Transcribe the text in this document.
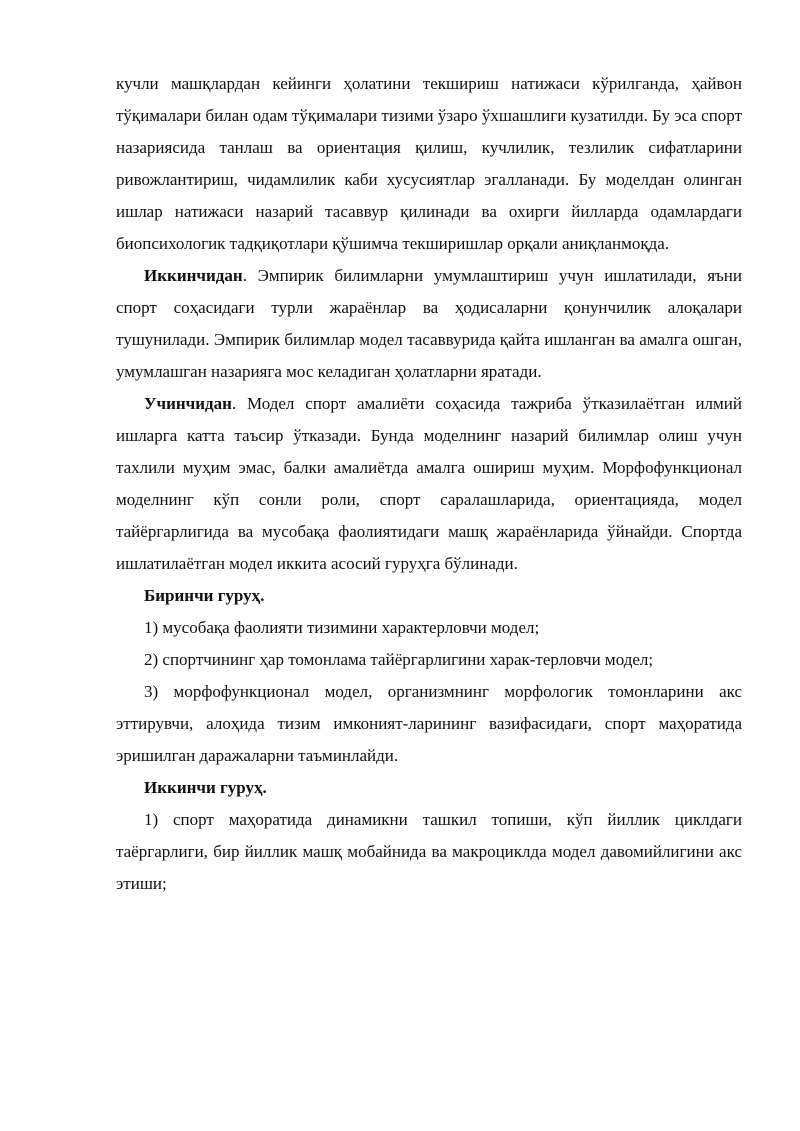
кучли машқлардан кейинги ҳолатини текшириш натижаси кўрилганда, ҳайвон тўқималари билан одам тўқималари тизими ўзаро ўхшашлиги кузатилди. Бу эса спорт назариясида танлаш ва ориентация қилиш, кучлилик, тезлилик сифатларини ривожлантириш, чидамлилик каби хусусиятлар эгалланади. Бу моделдан олинган ишлар натижаси назарий тасаввур қилинади ва охирги йилларда одамлардаги биопсихологик тадқиқотлари қўшимча текширишлар орқали аниқланмоқда.

Иккинчидан. Эмпирик билимларни умумлаштириш учун ишлатилади, яъни спорт соҳасидаги турли жараёнлар ва ҳодисаларни қонунчилик алоқалари тушунилади. Эмпирик билимлар модел тасаввурида қайта ишланган ва амалга ошган, умумлашган назарияга мос келадиган ҳолатларни яратади.

Учинчидан. Модел спорт амалиёти соҳасида тажриба ўтказилаётган илмий ишларга катта таъсир ўтказади. Бунда моделнинг назарий билимлар олиш учун тахлили муҳим эмас, балки амалиётда амалга ошириш муҳим. Морфофункционал моделнинг кўп сонли роли, спорт саралашларида, ориентацияда, модел тайёргарлигида ва мусобақа фаолиятидаги машқ жараёнларида ўйнайди. Спортда ишлатилаётган модел иккита асосий гуруҳга бўлинади.

Биринчи гуруҳ.

1) мусобақа фаолияти тизимини характерловчи модел;

2) спортчининг ҳар томонлама тайёргарлигини харак-терловчи модел;

3) морфофункционал модел, организмнинг морфологик томонларини акс эттирувчи, алоҳида тизим имконият-ларининг вазифасидаги, спорт маҳоратида эришилган даражаларни таъминлайди.

Иккинчи гуруҳ.

1) спорт маҳоратида динамикни ташкил топиши, кўп йиллик циклдаги таёргарлиги, бир йиллик машқ мобайнида ва макроциклда модел давомийлигини акс этиши;
